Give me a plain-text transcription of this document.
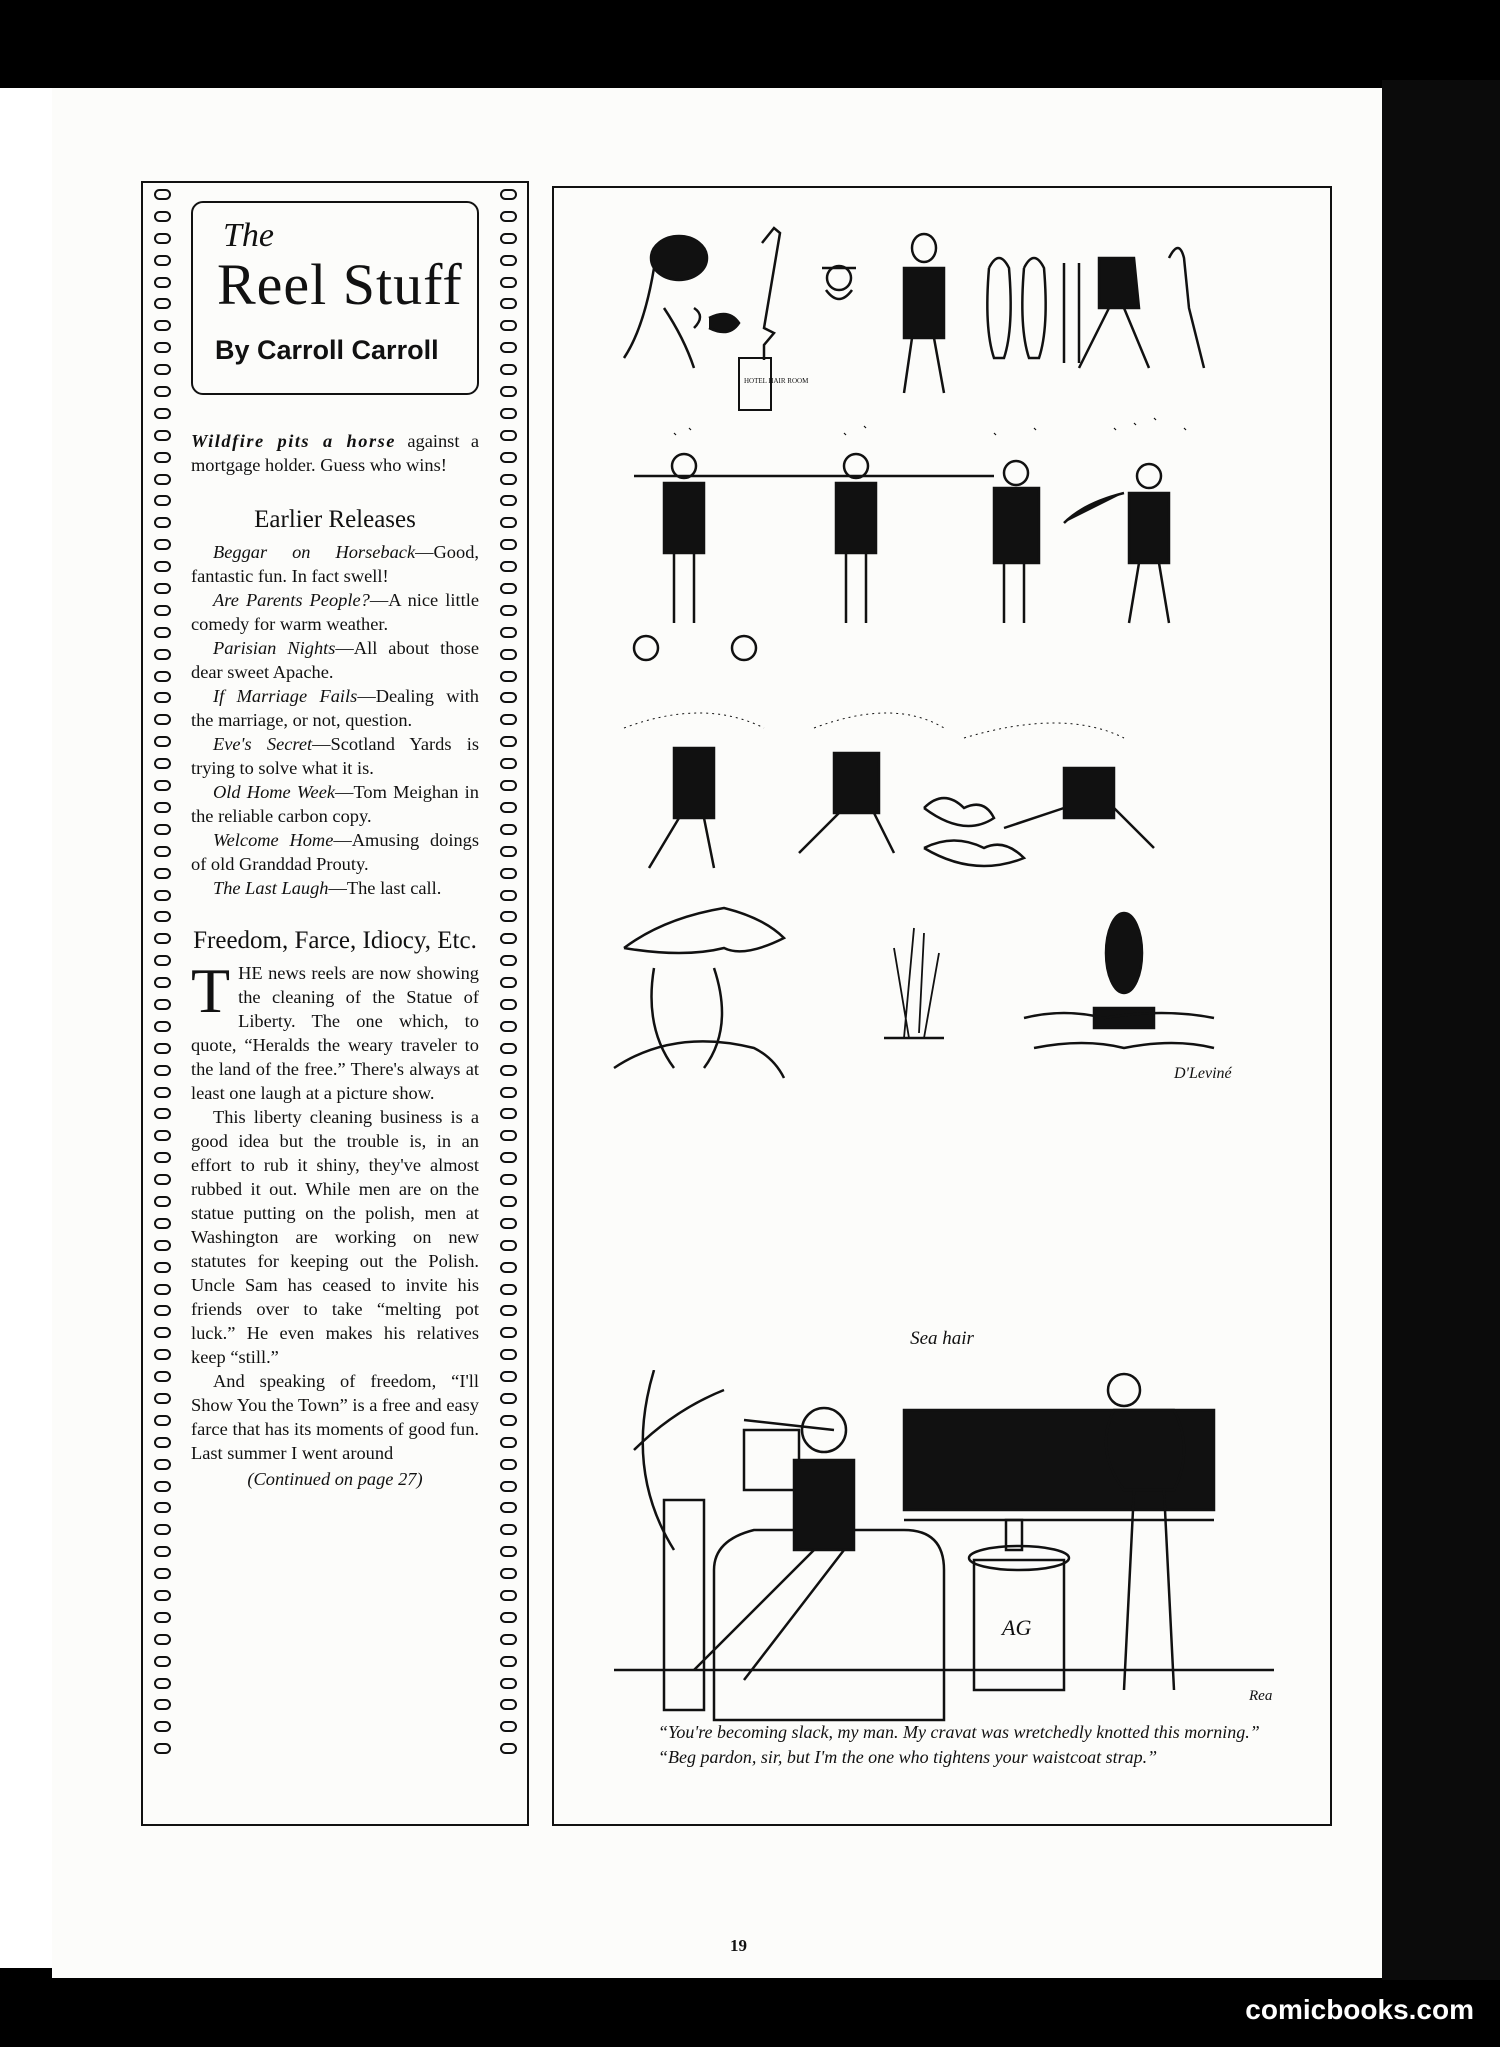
The
Reel Stuff
By Carroll Carroll
Wildfire pits a horse against a mortgage holder. Guess who wins!
Earlier Releases
Beggar on Horseback—Good, fantastic fun. In fact swell!
Are Parents People?—A nice little comedy for warm weather.
Parisian Nights—All about those dear sweet Apache.
If Marriage Fails—Dealing with the marriage, or not, question.
Eve's Secret—Scotland Yards is trying to solve what it is.
Old Home Week—Tom Meighan in the reliable carbon copy.
Welcome Home—Amusing doings of old Granddad Prouty.
The Last Laugh—The last call.
Freedom, Farce, Idiocy, Etc.
THE news reels are now showing the cleaning of the Statue of Liberty. The one which, to quote, “Heralds the weary traveler to the land of the free.” There's always at least one laugh at a picture show.
This liberty cleaning business is a good idea but the trouble is, in an effort to rub it shiny, they've almost rubbed it out. While men are on the statue putting on the polish, men at Washington are working on new statutes for keeping out the Polish. Uncle Sam has ceased to invite his friends over to take “melting pot luck.” He even makes his relatives keep “still.”
And speaking of freedom, “I'll Show You the Town” is a free and easy farce that has its moments of good fun. Last summer I went around
(Continued on page 27)
HOTEL HAIR ROOM
D'Leviné
Sea hair
AG
Rea
“You're becoming slack, my man. My cravat was wretchedly knotted this morning.”
“Beg pardon, sir, but I'm the one who tightens your waistcoat strap.”
19
comicbooks.com
